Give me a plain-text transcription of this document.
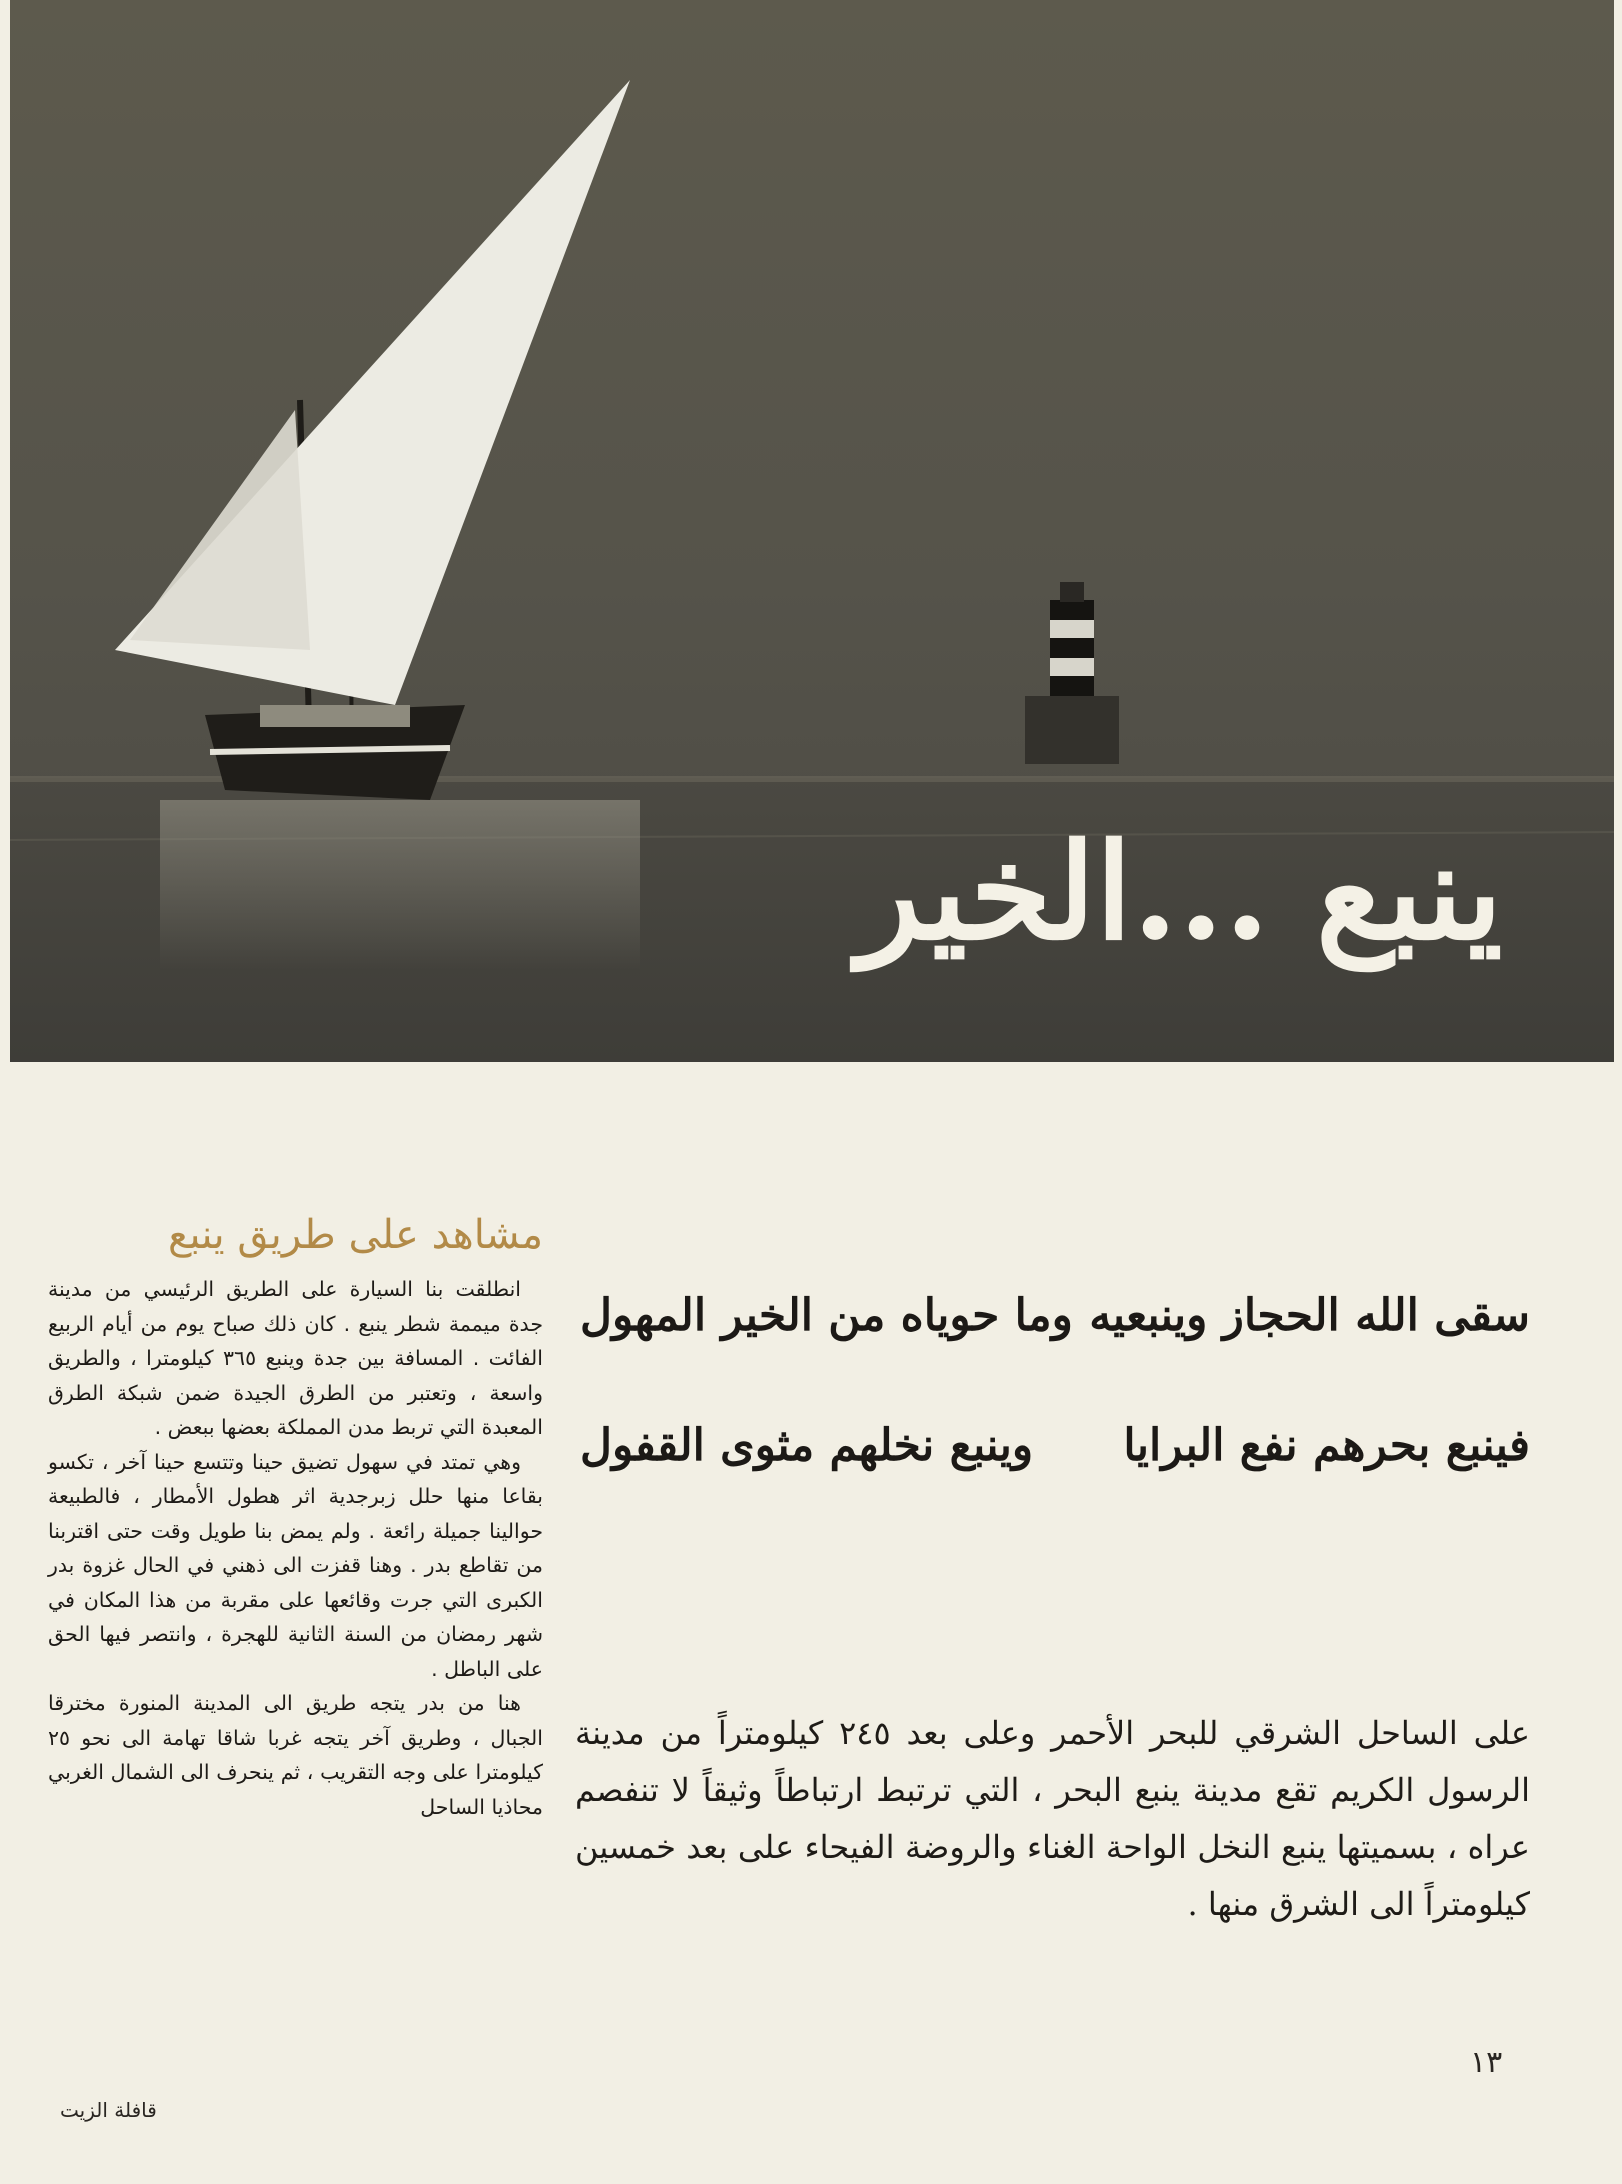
ينبع ...الخير
سقى الله الحجاز وينبعيه
وما حوياه من الخير المهول
فينبع بحرهم نفع البرايا
وينبع نخلهم مثوى القفول
على الساحل الشرقي للبحر الأحمر وعلى بعد ٢٤٥ كيلومتراً من مدينة الرسول الكريم تقع مدينة ينبع البحر ، التي ترتبط ارتباطاً وثيقاً لا تنفصم عراه ، بسميتها ينبع النخل الواحة الغناء والروضة الفيحاء على بعد خمسين كيلومتراً الى الشرق منها .
مشاهد على طريق ينبع

انطلقت بنا السيارة على الطريق الرئيسي من مدينة جدة ميممة شطر ينبع . كان ذلك صباح يوم من أيام الربيع الفائت . المسافة بين جدة وينبع ٣٦٥ كيلومترا ، والطريق واسعة ، وتعتبر من الطرق الجيدة ضمن شبكة الطرق المعبدة التي تربط مدن المملكة بعضها ببعض .

وهي تمتد في سهول تضيق حينا وتتسع حينا آخر ، تكسو بقاعا منها حلل زبرجدية اثر هطول الأمطار ، فالطبيعة حوالينا جميلة رائعة . ولم يمض بنا طويل وقت حتى اقتربنا من تقاطع بدر . وهنا قفزت الى ذهني في الحال غزوة بدر الكبرى التي جرت وقائعها على مقربة من هذا المكان في شهر رمضان من السنة الثانية للهجرة ، وانتصر فيها الحق على الباطل .

هنا من بدر يتجه طريق الى المدينة المنورة مخترقا الجبال ، وطريق آخر يتجه غربا شاقا تهامة الى نحو ٢٥ كيلومترا على وجه التقريب ، ثم ينحرف الى الشمال الغربي محاذيا الساحل

١٣
قافلة الزيت
